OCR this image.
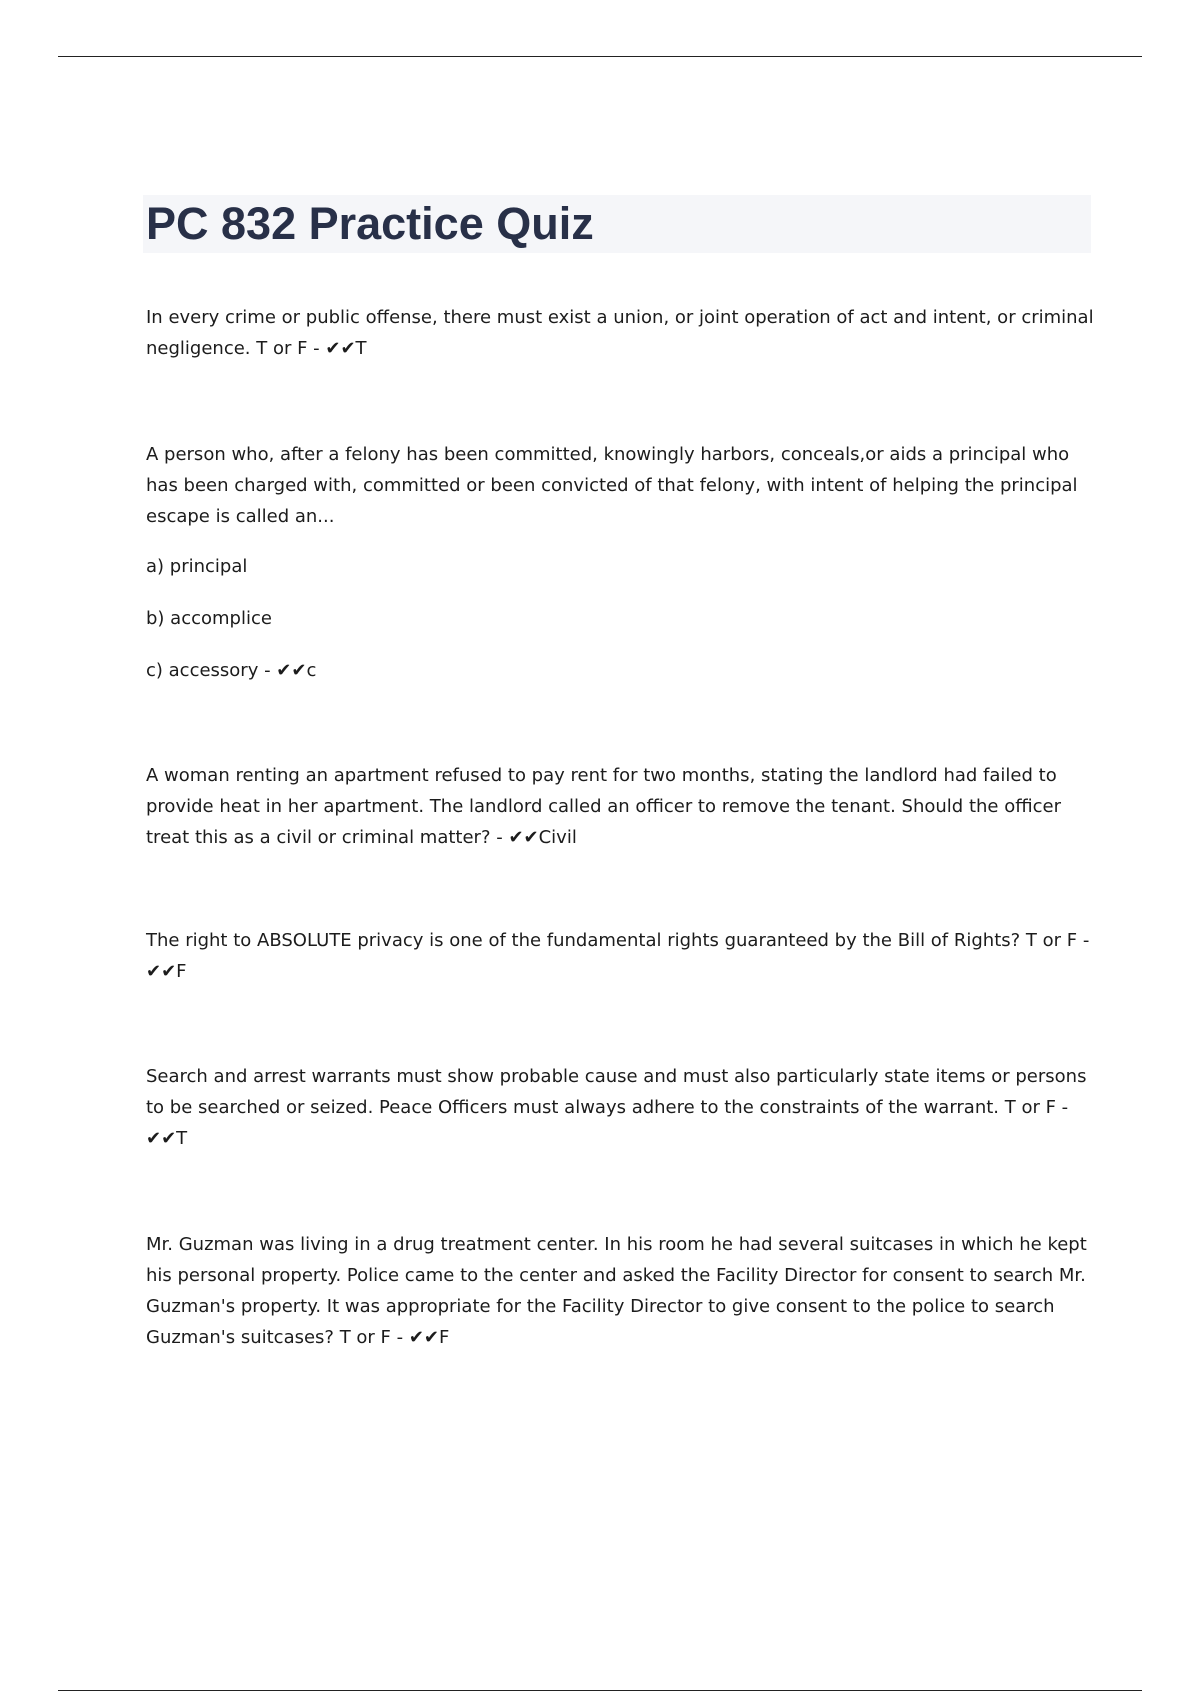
PC 832 Practice Quiz

In every crime or public offense, there must exist a union, or joint operation of act and intent, or criminal negligence. T or F - ✔✔T

A person who, after a felony has been committed, knowingly harbors, conceals,or aids a principal who has been charged with, committed or been convicted of that felony, with intent of helping the principal escape is called an...

a) principal

b) accomplice

c) accessory - ✔✔c

A woman renting an apartment refused to pay rent for two months, stating the landlord had failed to provide heat in her apartment. The landlord called an officer to remove the tenant. Should the officer treat this as a civil or criminal matter? - ✔✔Civil

The right to ABSOLUTE privacy is one of the fundamental rights guaranteed by the Bill of Rights? T or F - ✔✔F

Search and arrest warrants must show probable cause and must also particularly state items or persons to be searched or seized. Peace Officers must always adhere to the constraints of the warrant. T or F - ✔✔T

Mr. Guzman was living in a drug treatment center. In his room he had several suitcases in which he kept his personal property. Police came to the center and asked the Facility Director for consent to search Mr. Guzman's property. It was appropriate for the Facility Director to give consent to the police to search Guzman's suitcases? T or F - ✔✔F
